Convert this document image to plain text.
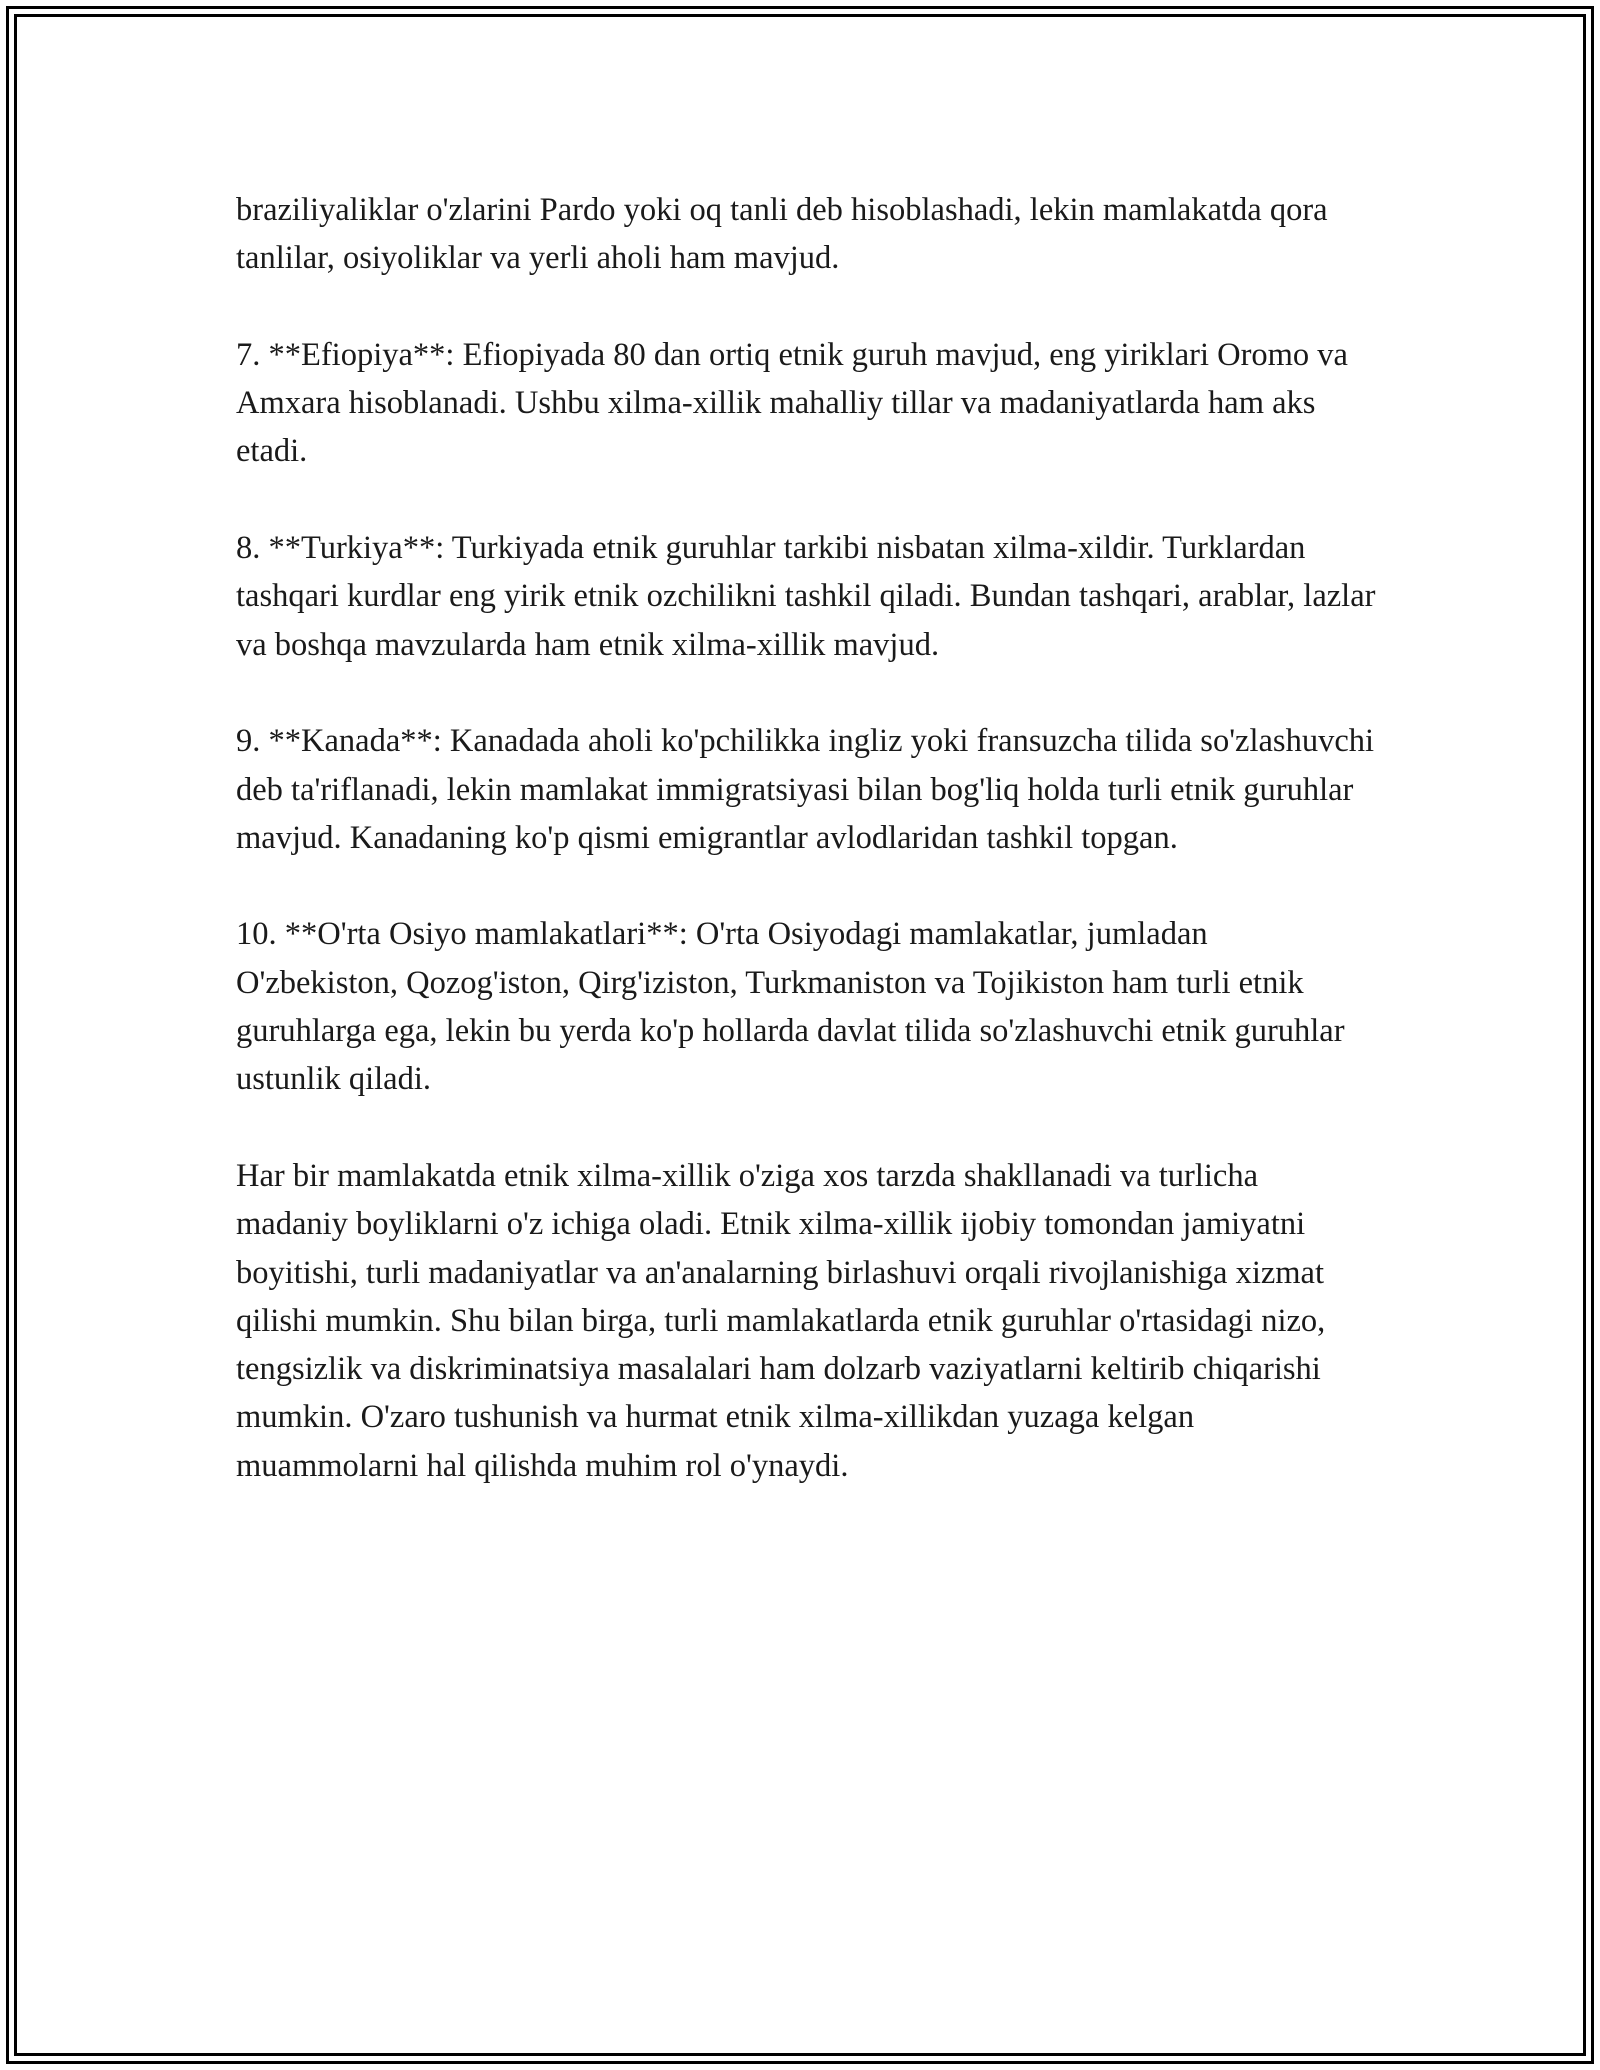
braziliyaliklar o'zlarini Pardo yoki oq tanli deb hisoblashadi, lekin mamlakatda qora tanlilar, osiyoliklar va yerli aholi ham mavjud.

7. **Efiopiya**: Efiopiyada 80 dan ortiq etnik guruh mavjud, eng yiriklari Oromo va Amxara hisoblanadi. Ushbu xilma-xillik mahalliy tillar va madaniyatlarda ham aks etadi.

8. **Turkiya**: Turkiyada etnik guruhlar tarkibi nisbatan xilma-xildir. Turklardan tashqari kurdlar eng yirik etnik ozchilikni tashkil qiladi. Bundan tashqari, arablar, lazlar va boshqa mavzularda ham etnik xilma-xillik mavjud.

9. **Kanada**: Kanadada aholi ko'pchilikka ingliz yoki fransuzcha tilida so'zlashuvchi deb ta'riflanadi, lekin mamlakat immigratsiyasi bilan bog'liq holda turli etnik guruhlar mavjud. Kanadaning ko'p qismi emigrantlar avlodlaridan tashkil topgan.

10. **O'rta Osiyo mamlakatlari**: O'rta Osiyodagi mamlakatlar, jumladan O'zbekiston, Qozog'iston, Qirg'iziston, Turkmaniston va Tojikiston ham turli etnik guruhlarga ega, lekin bu yerda ko'p hollarda davlat tilida so'zlashuvchi etnik guruhlar ustunlik qiladi.

Har bir mamlakatda etnik xilma-xillik o'ziga xos tarzda shakllanadi va turlicha madaniy boyliklarni o'z ichiga oladi. Etnik xilma-xillik ijobiy tomondan jamiyatni boyitishi, turli madaniyatlar va an'analarning birlashuvi orqali rivojlanishiga xizmat qilishi mumkin. Shu bilan birga, turli mamlakatlarda etnik guruhlar o'rtasidagi nizo, tengsizlik va diskriminatsiya masalalari ham dolzarb vaziyatlarni keltirib chiqarishi mumkin. O'zaro tushunish va hurmat etnik xilma-xillikdan yuzaga kelgan muammolarni hal qilishda muhim rol o'ynaydi.
